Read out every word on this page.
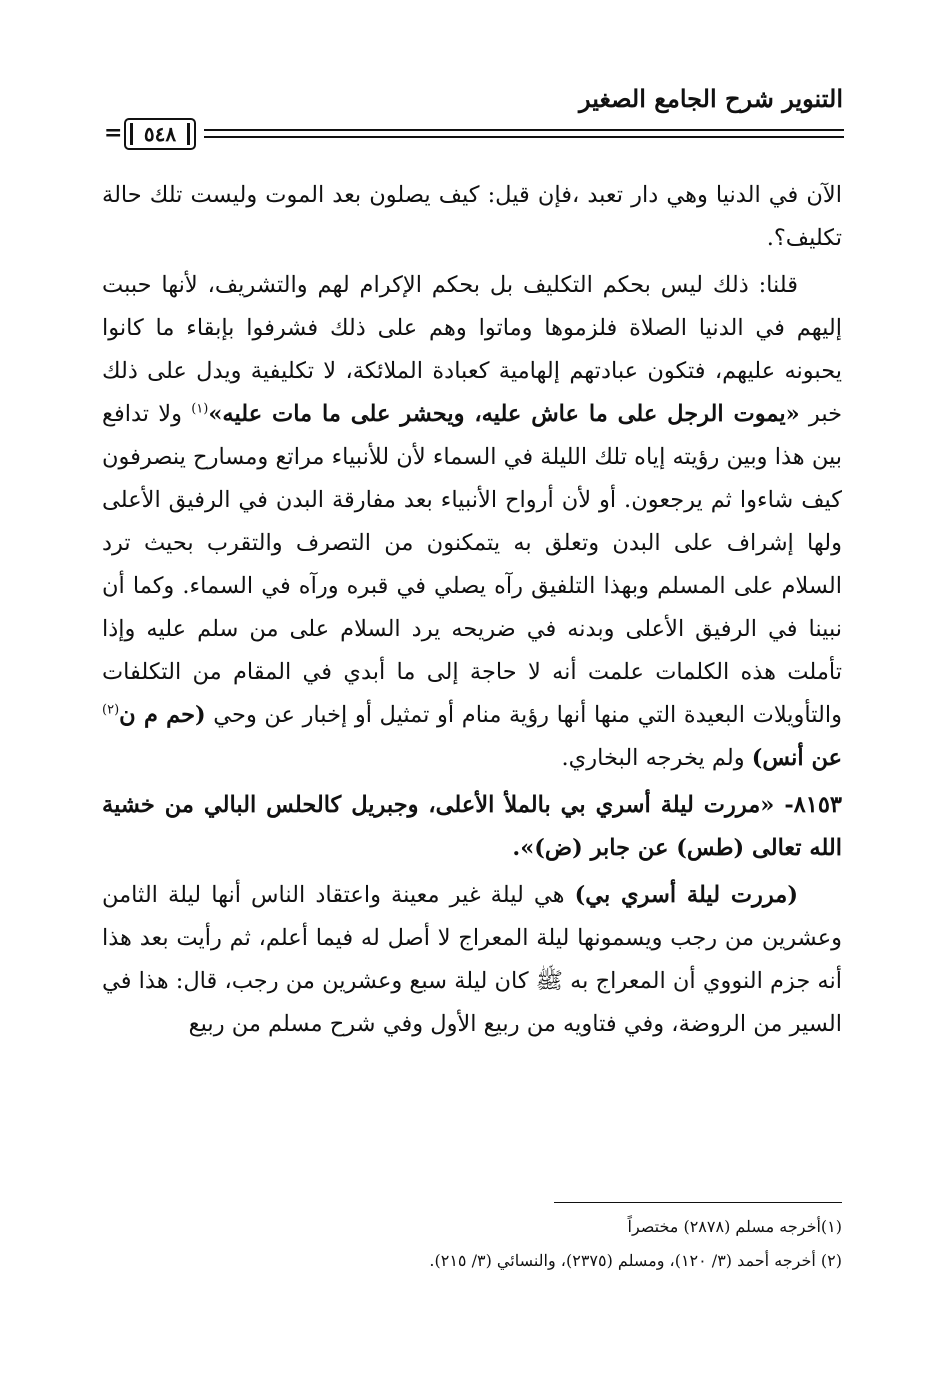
التنوير شرح الجامع الصغير
= ٥٤٨

الآن في الدنيا وهي دار تعبد ،فإن قيل: كيف يصلون بعد الموت وليست تلك حالة تكليف؟.

قلنا: ذلك ليس بحكم التكليف بل بحكم الإكرام لهم والتشريف، لأنها حببت إليهم في الدنيا الصلاة فلزموها وماتوا وهم على ذلك فشرفوا بإبقاء ما كانوا يحبونه عليهم، فتكون عبادتهم إلهامية كعبادة الملائكة، لا تكليفية ويدل على ذلك خبر «يموت الرجل على ما عاش عليه، ويحشر على ما مات عليه»$^{(١)}$ ولا تدافع بين هذا وبين رؤيته إياه تلك الليلة في السماء لأن للأنبياء مراتع ومسارح ينصرفون كيف شاءوا ثم يرجعون. أو لأن أرواح الأنبياء بعد مفارقة البدن في الرفيق الأعلى ولها إشراف على البدن وتعلق به يتمكنون من التصرف والتقرب بحيث ترد السلام على المسلم وبهذا التلفيق رآه يصلي في قبره ورآه في السماء. وكما أن نبينا في الرفيق الأعلى وبدنه في ضريحه يرد السلام على من سلم عليه وإذا تأملت هذه الكلمات علمت أنه لا حاجة إلى ما أبدي في المقام من التكلفات والتأويلات البعيدة التي منها أنها رؤية منام أو تمثيل أو إخبار عن وحي (حم م ن$^{(٢)}$ عن أنس) ولم يخرجه البخاري.

٨١٥٣- «مررت ليلة أسري بي بالملأ الأعلى، وجبريل كالحلس البالي من خشية الله تعالى (طس) عن جابر (ض)».

(مررت ليلة أسري بي) هي ليلة غير معينة واعتقاد الناس أنها ليلة الثامن وعشرين من رجب ويسمونها ليلة المعراج لا أصل له فيما أعلم، ثم رأيت بعد هذا أنه جزم النووي أن المعراج به ﷺ كان ليلة سبع وعشرين من رجب، قال: هذا في السير من الروضة، وفي فتاويه من ربيع الأول وفي شرح مسلم من ربيع

(١)أخرجه مسلم (٢٨٧٨) مختصراً
(٢) أخرجه أحمد (٣/ ١٢٠)، ومسلم (٢٣٧٥)، والنسائي (٣/ ٢١٥).
